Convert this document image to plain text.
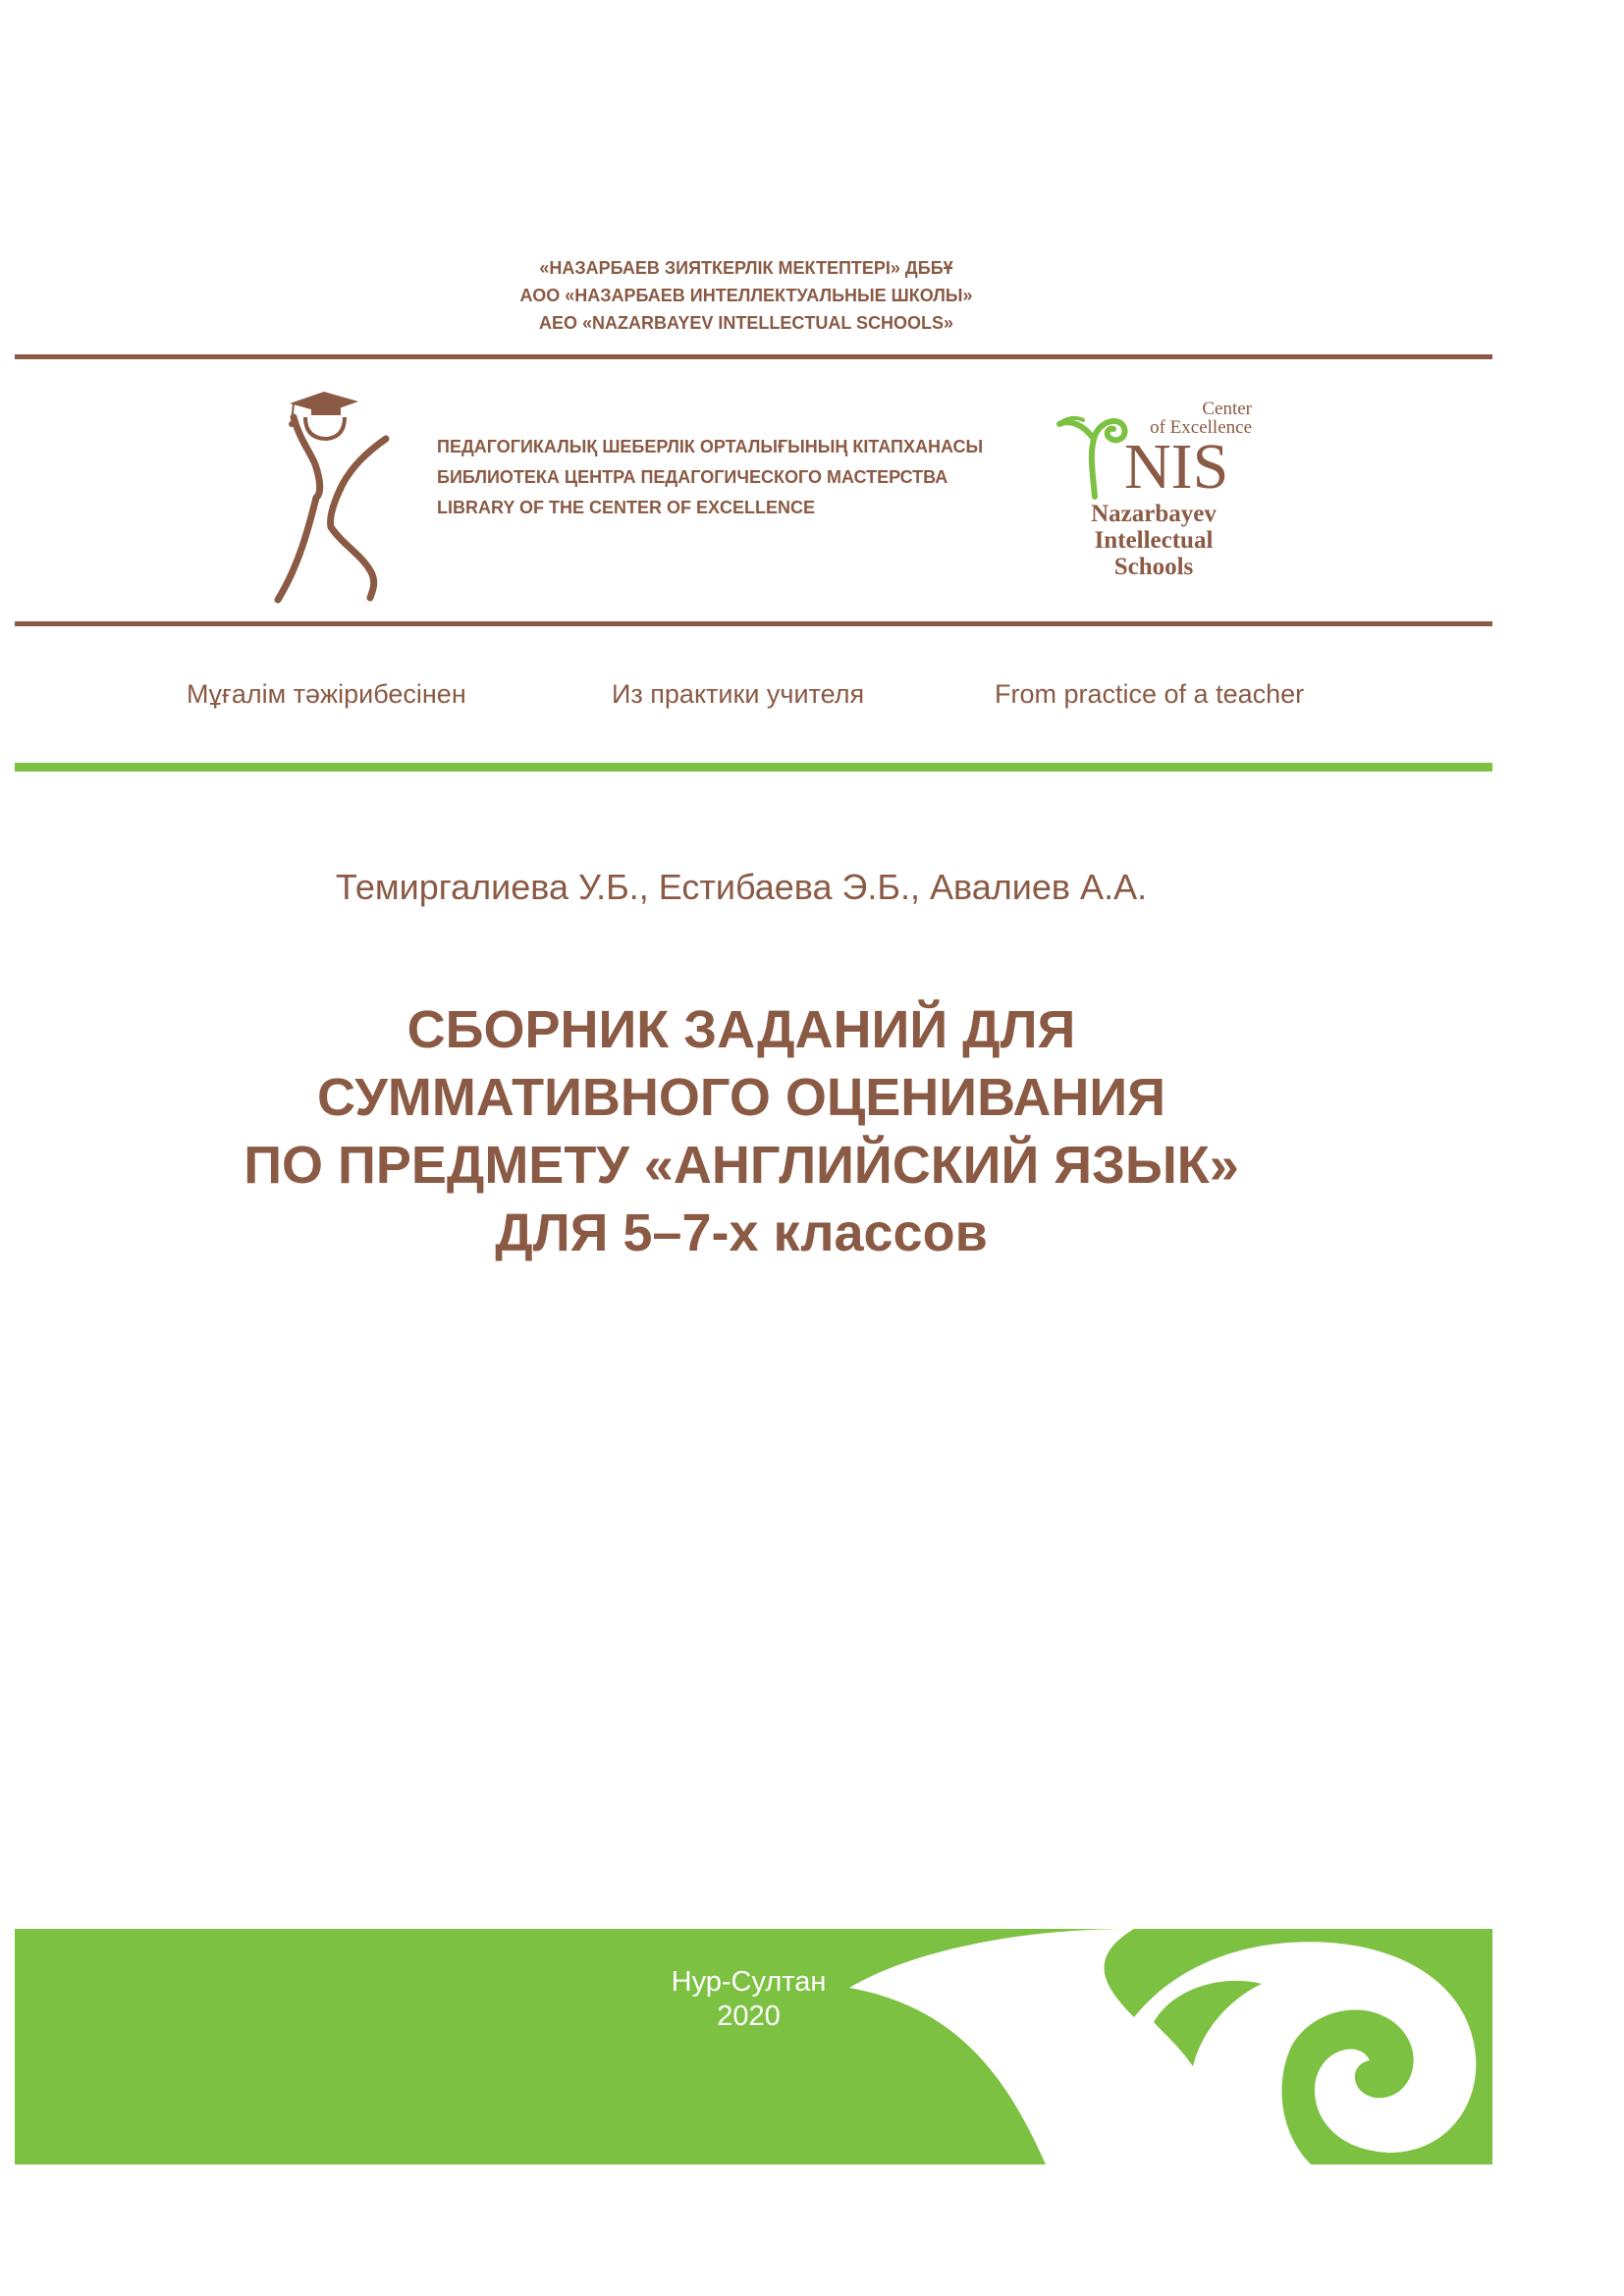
«НАЗАРБАЕВ ЗИЯТКЕРЛІК МЕКТЕПТЕРІ» ДББҰ
АОО «НАЗАРБАЕВ ИНТЕЛЛЕКТУАЛЬНЫЕ ШКОЛЫ»
АЕО «NAZARBAYEV INTELLECTUAL SCHOOLS»
ПЕДАГОГИКАЛЫҚ ШЕБЕРЛІК ОРТАЛЫҒЫНЫҢ КІТАПХАНАСЫ
БИБЛИОТЕКА ЦЕНТРА ПЕДАГОГИЧЕСКОГО МАСТЕРСТВА
LIBRARY OF THE CENTER OF EXCELLENCE
Center
of Excellence
NIS
Nazarbayev
Intellectual
Schools
Мұғалім тәжірибесінен	Из практики учителя	From practice of a teacher
Темиргалиева У.Б., Естибаева Э.Б., Авалиев А.А.
СБОРНИК ЗАДАНИЙ ДЛЯ
СУММАТИВНОГО ОЦЕНИВАНИЯ
ПО ПРЕДМЕТУ «АНГЛИЙСКИЙ ЯЗЫК»
ДЛЯ 5–7-х классов
Нур-Султан
2020
